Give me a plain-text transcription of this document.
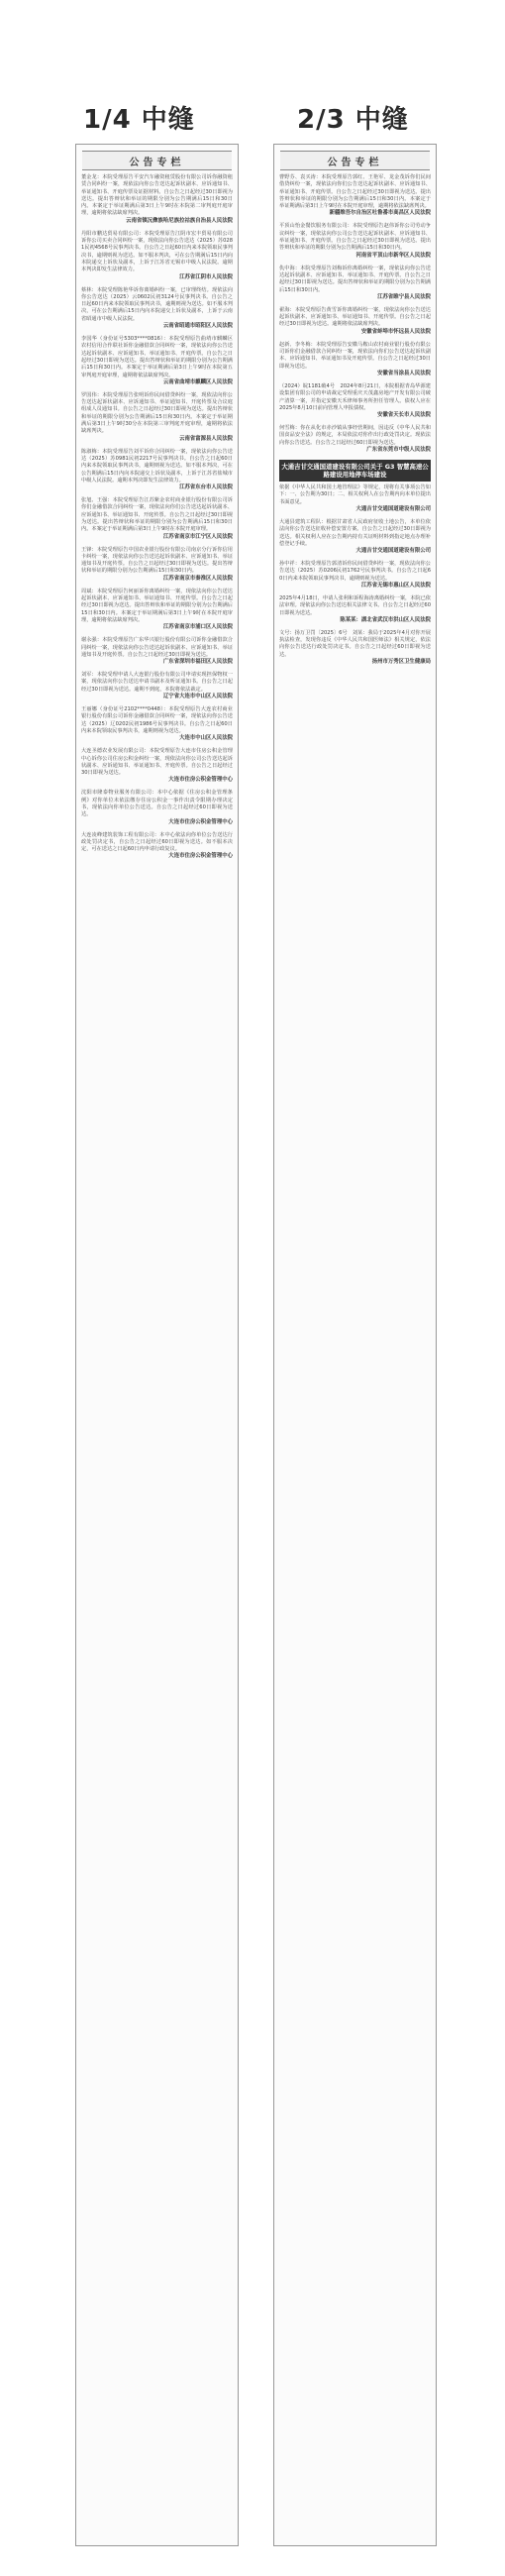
1/4 中缝	2/3 中缝
公告专栏
董金龙：本院受理原告平安汽车融资租赁股份有限公司诉你融资租赁合同纠纷一案，现依法向你公告送达起诉状副本、应诉通知书、举证通知书、开庭传票及证据材料。自公告之日起经过30日即视为送达。提出答辩状和举证的期限分别为公告期满后15日和30日内。本案定于举证期满后第3日上午9时在本院第二审判庭开庭审理，逾期将依法缺席判决。
云南省镇沅彝族哈尼族拉祜族自治县人民法院
丹阳市鹏达贸易有限公司：本院受理原告江阴市宏丰贸易有限公司诉你公司买卖合同纠纷一案，现依法向你公告送达（2025）苏0281民初4568号民事判决书。自公告之日起60日内来本院领取民事判决书，逾期则视为送达。如不服本判决，可在公告期满后15日内向本院递交上诉状及副本，上诉于江苏省无锡市中级人民法院。逾期本判决即发生法律效力。
江苏省江阴市人民法院
蔡林：本院受理陈艳华诉你离婚纠纷一案，已审理终结。现依法向你公告送达（2025）云0602民初3124号民事判决书。自公告之日起60日内来本院领取民事判决书，逾期则视为送达。如不服本判决，可在公告期满后15日内向本院递交上诉状及副本，上诉于云南省昭通市中级人民法院。
云南省昭通市昭阳区人民法院
李国华（身份证号5303****0816）：本院受理原告曲靖市麒麟区农村信用合作联社诉你金融借款合同纠纷一案，现依法向你公告送达起诉状副本、应诉通知书、举证通知书、开庭传票。自公告之日起经过30日即视为送达。提出答辩状和举证的期限分别为公告期满后15日和30日内。本案定于举证期满后第3日上午9时在本院第五审判庭开庭审理，逾期将依法缺席判决。
云南省曲靖市麒麟区人民法院
罗国伟：本院受理原告张明诉你民间借贷纠纷一案，现依法向你公告送达起诉状副本、应诉通知书、举证通知书、开庭传票及合议庭组成人员通知书。自公告之日起经过30日即视为送达。提出答辩状和举证的期限分别为公告期满后15日和30日内。本案定于举证期满后第3日上午9时30分在本院第三审判庭开庭审理，逾期将依法缺席判决。
云南省富源县人民法院
陈淑梅：本院受理原告刘平诉你合同纠纷一案，现依法向你公告送达（2025）苏0981民初2217号民事判决书。自公告之日起60日内来本院领取民事判决书，逾期则视为送达。如不服本判决，可在公告期满后15日内向本院递交上诉状及副本，上诉于江苏省盐城市中级人民法院。逾期本判决即发生法律效力。
江苏省东台市人民法院
张旭、王强：本院受理原告江苏紫金农村商业银行股份有限公司诉你们金融借款合同纠纷一案，现依法向你们公告送达起诉状副本、应诉通知书、举证通知书、开庭传票。自公告之日起经过30日即视为送达。提出答辩状和举证的期限分别为公告期满后15日和30日内。本案定于举证期满后第3日上午9时在本院开庭审理。
江苏省南京市江宁区人民法院
王锋：本院受理原告中国农业银行股份有限公司南京分行诉你信用卡纠纷一案，现依法向你公告送达起诉状副本、应诉通知书、举证通知书及开庭传票。自公告之日起经过30日即视为送达。提出答辩状和举证的期限分别为公告期满后15日和30日内。
江苏省南京市秦淮区人民法院
周斌：本院受理原告何丽诉你离婚纠纷一案，现依法向你公告送达起诉状副本、应诉通知书、举证通知书、开庭传票。自公告之日起经过30日即视为送达。提出答辩状和举证的期限分别为公告期满后15日和30日内。本案定于举证期满后第3日上午9时在本院开庭审理，逾期将依法缺席判决。
江苏省南京市浦口区人民法院
谢永强：本院受理原告广东华兴银行股份有限公司诉你金融借款合同纠纷一案，现依法向你公告送达起诉状副本、应诉通知书、举证通知书及开庭传票。自公告之日起经过30日即视为送达。
广东省深圳市福田区人民法院
刘军：本院受理申请人大连银行股份有限公司申请实现担保物权一案，现依法向你公告送达申请书副本及听证通知书。自公告之日起经过30日即视为送达。逾期不到庭，本院将依法裁定。
辽宁省大连市中山区人民法院
王丽娜（身份证号2102****0448）：本院受理原告大连农村商业银行股份有限公司诉你金融借款合同纠纷一案，现依法向你公告送达（2025）辽0202民初1986号民事判决书。自公告之日起60日内来本院领取民事判决书，逾期则视为送达。
大连市中山区人民法院
大连圣德农业发展有限公司：本院受理原告大连市住房公积金管理中心诉你公司住房公积金纠纷一案，现依法向你公司公告送达起诉状副本、应诉通知书、举证通知书、开庭传票。自公告之日起经过30日即视为送达。
大连市住房公积金管理中心
沈阳市隆泰物业服务有限公司：本中心依据《住房公积金管理条例》对你单位未依法缴存住房公积金一事作出责令限期办理决定书，现依法向你单位公告送达。自公告之日起经过60日即视为送达。
大连市住房公积金管理中心
大连凌峰建筑装饰工程有限公司：本中心依法向你单位公告送达行政处罚决定书，自公告之日起经过60日即视为送达。如不服本决定，可在送达之日起60日内申请行政复议。
大连市住房公积金管理中心
公告专栏
曹野芬、袁买涛：本院受理原告郭红、王艳军、龙金茂诉你们民间借贷纠纷一案，现依法向你们公告送达起诉状副本、应诉通知书、举证通知书、开庭传票。自公告之日起经过30日即视为送达。提出答辩状和举证的期限分别为公告期满后15日和30日内。本案定于举证期满后第3日上午9时在本院开庭审理，逾期将依法缺席判决。
新疆维吾尔自治区吐鲁番市高昌区人民法院
平顶山怡金餐饮服务有限公司：本院受理原告赵伟诉你公司劳动争议纠纷一案，现依法向你公司公告送达起诉状副本、应诉通知书、举证通知书、开庭传票。自公告之日起经过30日即视为送达。提出答辩状和举证的期限分别为公告期满后15日和30日内。
河南省平顶山市新华区人民法院
仇中海：本院受理原告刘梅诉你离婚纠纷一案，现依法向你公告送达起诉状副本、应诉通知书、举证通知书、开庭传票。自公告之日起经过30日即视为送达。提出答辩状和举证的期限分别为公告期满后15日和30日内。
江苏省睢宁县人民法院
翟海：本院受理原告黄雪诉你离婚纠纷一案，现依法向你公告送达起诉状副本、应诉通知书、举证通知书、开庭传票。自公告之日起经过30日即视为送达。逾期将依法缺席判决。
安徽省蚌埠市怀远县人民法院
赵新、李冬梅：本院受理原告安徽马鞍山农村商业银行股份有限公司诉你们金融借款合同纠纷一案，现依法向你们公告送达起诉状副本、应诉通知书、举证通知书及开庭传票。自公告之日起经过30日即视为送达。
安徽省当涂县人民法院
（2024）皖1181破4号　2024年8月21日，本院根据青岛华源建设集团有限公司的申请裁定受理重庆天茂鑫房地产开发有限公司破产清算一案，并指定安徽天禾律师事务所担任管理人。债权人应在2025年8月10日前向管理人申报债权。
安徽省天长市人民法院
何雪梅：你在从化市赤沙镇从事经营期间，因违反《中华人民共和国食品安全法》的规定，本局依法对你作出行政处罚决定。现依法向你公告送达。自公告之日起经过60日即视为送达。
广东省东莞市中级人民法院
大通吉甘交通国道建设有限公司关于 G3 智慧高速公路建设用地停车场建设
依据《中华人民共和国土地管理法》等规定，现将有关事项公告如下：一、公告期为30日；二、相关权利人在公告期内向本单位提出书面意见。
大通吉甘交通国道建设有限公司
大通县建筑工程队：根据甘肃省人民政府征收土地公告，本单位依法向你公告送达征收补偿安置方案。自公告之日起经过30日即视为送达。相关权利人应在公告期内持有关证明材料到指定地点办理补偿登记手续。
大通吉甘交通国道建设有限公司
孙中祥：本院受理原告郭清诉你民间借贷纠纷一案，现依法向你公告送达（2025）苏0206民初1762号民事判决书。自公告之日起60日内来本院领取民事判决书，逾期则视为送达。
江苏省无锡市惠山区人民法院
2025年4月18日，申请人张利和诉程海涛离婚纠纷一案，本院已依法审理。现依法向你公告送达相关法律文书。自公告之日起经过60日即视为送达。
陈某某：湖北省武汉市洪山区人民法院
文号：扬万卫罚〔2025〕6号　刘某：我局于2025年4月对你开展执法检查，发现你违反《中华人民共和国医师法》相关规定，依法向你公告送达行政处罚决定书。自公告之日起经过60日即视为送达。
扬州市万秀区卫生健康局
